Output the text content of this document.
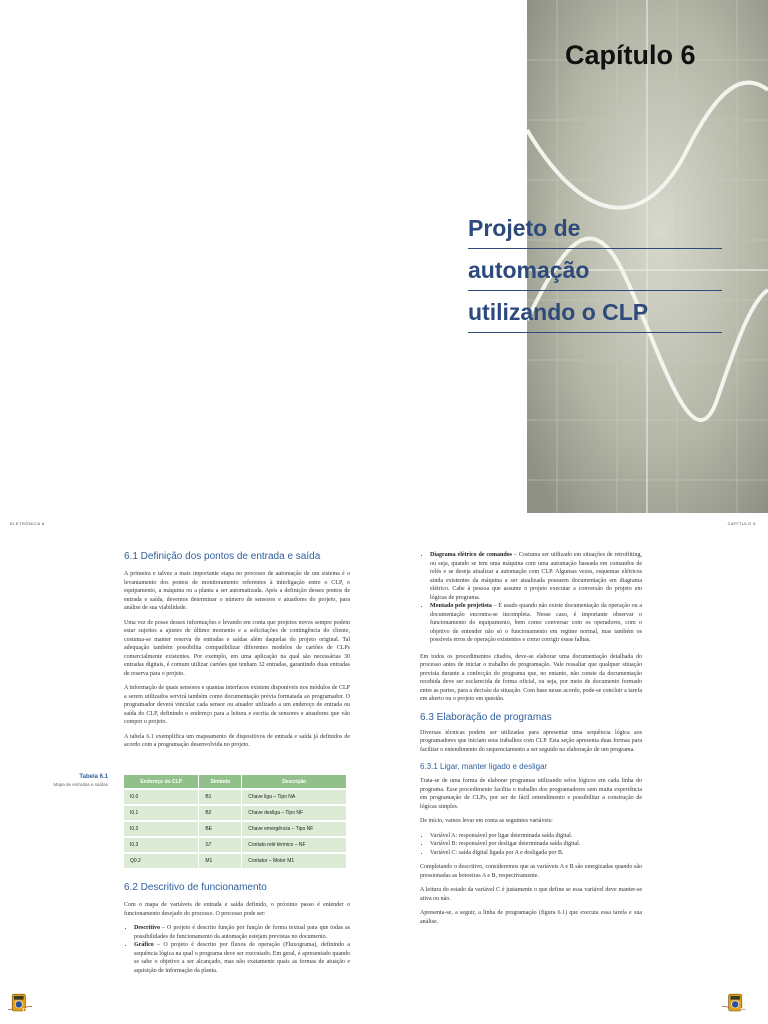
Capítulo 6
Projeto de
automação
utilizando o CLP
ELETRÔNICA 6	CAPÍTULO 6
6.1 Definição dos pontos de entrada e saída

A primeira e talvez a mais importante etapa no processo de automação de um sistema é o levantamento dos pontos de monitoramento referentes à interligação entre o CLP, o equipamento, a máquina ou a planta a ser automatizada. Após a definição desses pontos de entrada e saída, devemos determinar o número de sensores e atuadores do projeto, para análise de sua viabilidade.

Uma vez de posse desses informações e levando em conta que projetos novos sempre podem estar sujeitos a ajustes de último momento e a solicitações de contingência do cliente, costuma-se manter reserva de entradas e saídas além daquelas do projeto original. Tal adequação também possibilita compatibilizar diferentes modelos de cartões de CLPs comercialmente existentes. Por exemplo, em uma aplicação na qual são necessárias 30 entradas digitais, é comum utilizar cartões que tenham 32 entradas, garantindo duas entradas de reserva para o projeto.

A informação de quais sensores e quantas interfaces existem disponíveis nos módulos de CLP a serem utilizados servirá também como documentação prévia formatada ao programador. O programador deverá vincular cada sensor ou atuador utilizado a um endereço de entrada ou saída do CLP, definindo o endereço para a leitura e escrita de sensores e atuadores que vão compor o projeto.

A tabela 6.1 exemplifica um mapeamento de dispositivos de entrada e saída já definidos de acordo com a programação desenvolvida no projeto.

Tabela 6.1
Mapa de entradas e saídas	Endereço do CLP	Símbolo	Descrição
I0.0	B1	Chave liga – Tipo NA
I0.1	B2	Chave desliga – Tipo NF
I0.2	BE	Chave emergência – Tipo NF
I0.3	S7	Contato relé térmico – NF
Q0.2	M1	Contator – Motor M1
6.2 Descritivo de funcionamento

Com o mapa de variáveis de entrada e saída definido, o próximo passo é entender o funcionamento desejado do processo. O processo pode ser:

• Descritivo – O projeto é descrito função por função de forma textual para que todas as possibilidades de funcionamento da automação estejam previstas no documento.
• Gráfico – O projeto é descrito por fluxos de operação (Fluxograma), definindo a sequência lógica na qual o programa deve ser executado. Em geral, é apresentado quando se sabe o objetivo a ser alcançado, mas não exatamente quais as formas de atuação e aquisição de informação da planta.
• Diagrama elétrico de comandos – Costuma ser utilizado em situações de retrofitting, ou seja, quando se tem uma máquina com uma automação baseada em comandos de relés e se deseja atualizar a automação com CLP. Algumas vezes, esquemas elétricos ainda existentes da máquina a ser atualizada possuem documentação em diagrama elétrico. Cabe à pessoa que assume o projeto executar a conversão do projeto em lógicas de programa.
• Montado pelo projetista – É usado quando não existe documentação da operação ou a documentação encontra-se incompleta. Nesse caso, é importante observar o funcionamento do equipamento, bem como conversar com os operadores, com o objetivo de entender não só o funcionamento em regime normal, mas também os possíveis erros de operação existentes e como corrigir essas falhas.

Em todos os procedimentos citados, deve-se elaborar uma documentação detalhada do processo antes de iniciar o trabalho de programação. Vale ressaltar que qualquer situação prevista durante a confecção do programa que, no entanto, não conste da documentação recebida deve ser esclarecida de forma oficial, ou seja, por meio de documento formado entre as partes, para a decisão da situação. Com base nesse acordo, pode-se concluir a tarefa em aberto ou o projeto em questão.

6.3 Elaboração de programas

Diversas técnicas podem ser utilizadas para apresentar uma sequência lógica aos programadores que iniciam seus trabalhos com CLP. Esta seção apresenta duas formas para facilitar o entendimento do sequenciamento a ser seguido na elaboração de um programa.

6.3.1 Ligar, manter ligado e desligar

Trata-se de uma forma de elaborar programas utilizando selos lógicos em cada linha do programa. Esse procedimento facilita o trabalho dos programadores sem muita experiência em programação de CLPs, por ser de fácil entendimento e possibilitar a construção de lógicas simples.

De início, vamos levar em conta as seguintes variáveis:

• Variável A: responsável por ligar determinada saída digital.
• Variável B: responsável por desligar determinada saída digital.
• Variável C: saída digital ligada por A e desligada por B.

Completando o descritivo, consideremos que as variáveis A e B são energizadas quando são pressionadas as botoeiras A e B, respectivamente.

A leitura do estado da variável C é justamente o que define se essa variável deve manter-se ativa ou não.

Apresenta-se, a seguir, a linha de programação (figura 6.1) que executa essa tarefa e sua análise.

118	119
